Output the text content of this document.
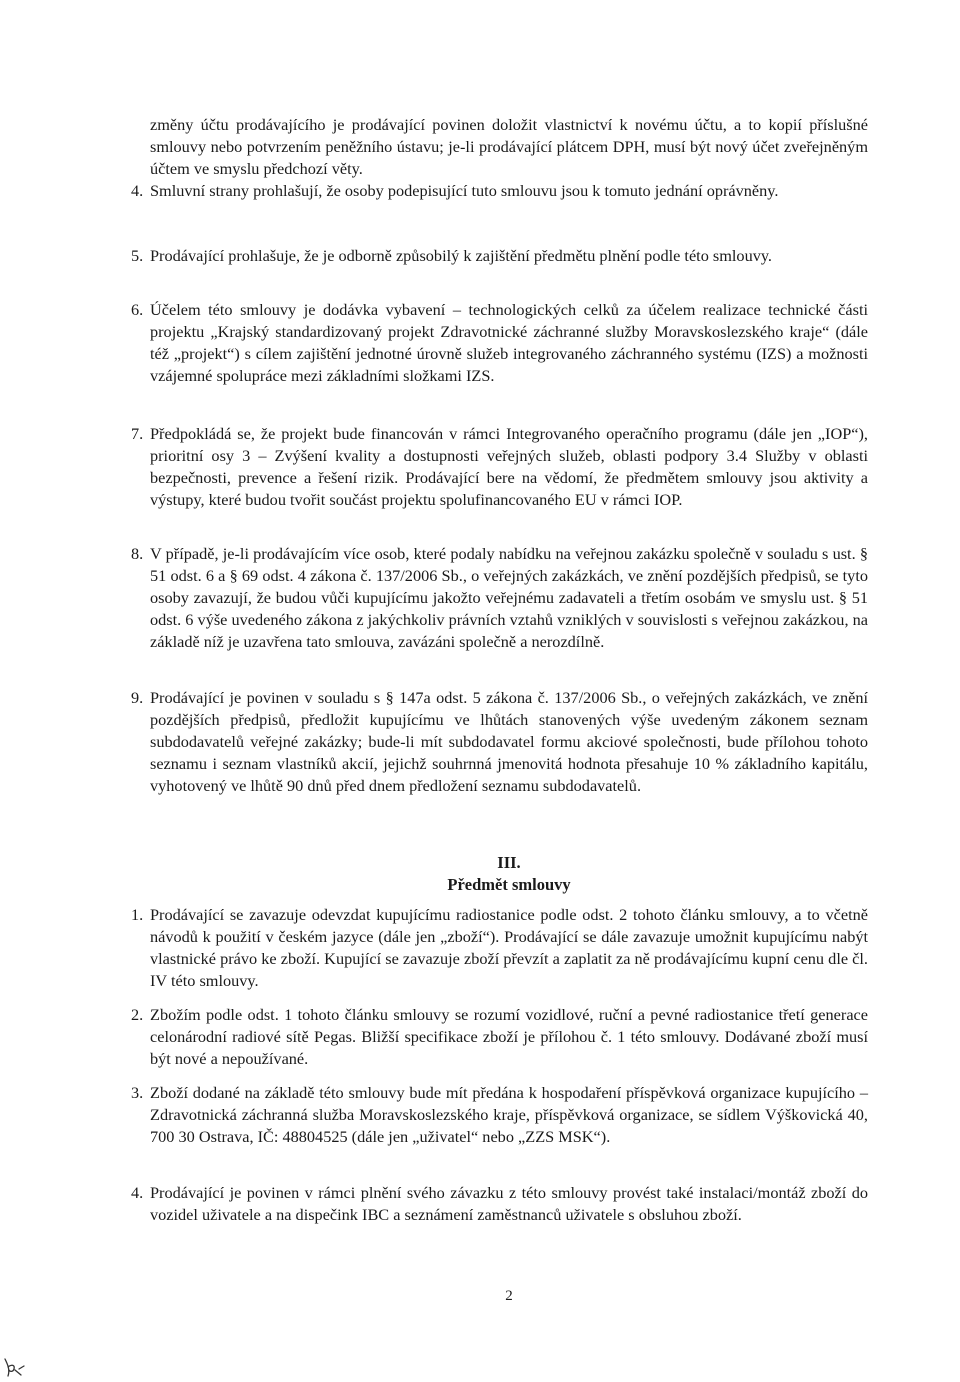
změny účtu prodávajícího je prodávající povinen doložit vlastnictví k novému účtu, a to kopií příslušné smlouvy nebo potvrzením peněžního ústavu; je-li prodávající plátcem DPH, musí být nový účet zveřejněným účtem ve smyslu předchozí věty.
4. Smluvní strany prohlašují, že osoby podepisující tuto smlouvu jsou k tomuto jednání oprávněny.
5. Prodávající prohlašuje, že je odborně způsobilý k zajištění předmětu plnění podle této smlouvy.
6. Účelem této smlouvy je dodávka vybavení – technologických celků za účelem realizace technické části projektu „Krajský standardizovaný projekt Zdravotnické záchranné služby Moravskoslezského kraje“ (dále též „projekt“) s cílem zajištění jednotné úrovně služeb integrovaného záchranného systému (IZS) a možnosti vzájemné spolupráce mezi základními složkami IZS.
7. Předpokládá se, že projekt bude financován v rámci Integrovaného operačního programu (dále jen „IOP“), prioritní osy 3 – Zvýšení kvality a dostupnosti veřejných služeb, oblasti podpory 3.4 Služby v oblasti bezpečnosti, prevence a řešení rizik. Prodávající bere na vědomí, že předmětem smlouvy jsou aktivity a výstupy, které budou tvořit součást projektu spolufinancovaného EU v rámci IOP.
8. V případě, je-li prodávajícím více osob, které podaly nabídku na veřejnou zakázku společně v souladu s ust. § 51 odst. 6 a § 69 odst. 4 zákona č. 137/2006 Sb., o veřejných zakázkách, ve znění pozdějších předpisů, se tyto osoby zavazují, že budou vůči kupujícímu jakožto veřejnému zadavateli a třetím osobám ve smyslu ust. § 51 odst. 6 výše uvedeného zákona z jakýchkoliv právních vztahů vzniklých v souvislosti s veřejnou zakázkou, na základě níž je uzavřena tato smlouva, zavázáni společně a nerozdílně.
9. Prodávající je povinen v souladu s § 147a odst. 5 zákona č. 137/2006 Sb., o veřejných zakázkách, ve znění pozdějších předpisů, předložit kupujícímu ve lhůtách stanovených výše uvedeným zákonem seznam subdodavatelů veřejné zakázky; bude-li mít subdodavatel formu akciové společnosti, bude přílohou tohoto seznamu i seznam vlastníků akcií, jejichž souhrnná jmenovitá hodnota přesahuje 10 % základního kapitálu, vyhotovený ve lhůtě 90 dnů před dnem předložení seznamu subdodavatelů.
III.
Předmět smlouvy
1. Prodávající se zavazuje odevzdat kupujícímu radiostanice podle odst. 2 tohoto článku smlouvy, a to včetně návodů k použití v českém jazyce (dále jen „zboží“). Prodávající se dále zavazuje umožnit kupujícímu nabýt vlastnické právo ke zboží. Kupující se zavazuje zboží převzít a zaplatit za ně prodávajícímu kupní cenu dle čl. IV této smlouvy.
2. Zbožím podle odst. 1 tohoto článku smlouvy se rozumí vozidlové, ruční a pevné radiostanice třetí generace celonárodní radiové sítě Pegas. Bližší specifikace zboží je přílohou č. 1 této smlouvy. Dodávané zboží musí být nové a nepoužívané.
3. Zboží dodané na základě této smlouvy bude mít předána k hospodaření příspěvková organizace kupujícího – Zdravotnická záchranná služba Moravskoslezského kraje, příspěvková organizace, se sídlem Výškovická 40, 700 30 Ostrava, IČ: 48804525 (dále jen „uživatel“ nebo „ZZS MSK“).
4. Prodávající je povinen v rámci plnění svého závazku z této smlouvy provést také instalaci/montáž zboží do vozidel uživatele a na dispečink IBC a seznámení zaměstnanců uživatele s obsluhou zboží.
2
